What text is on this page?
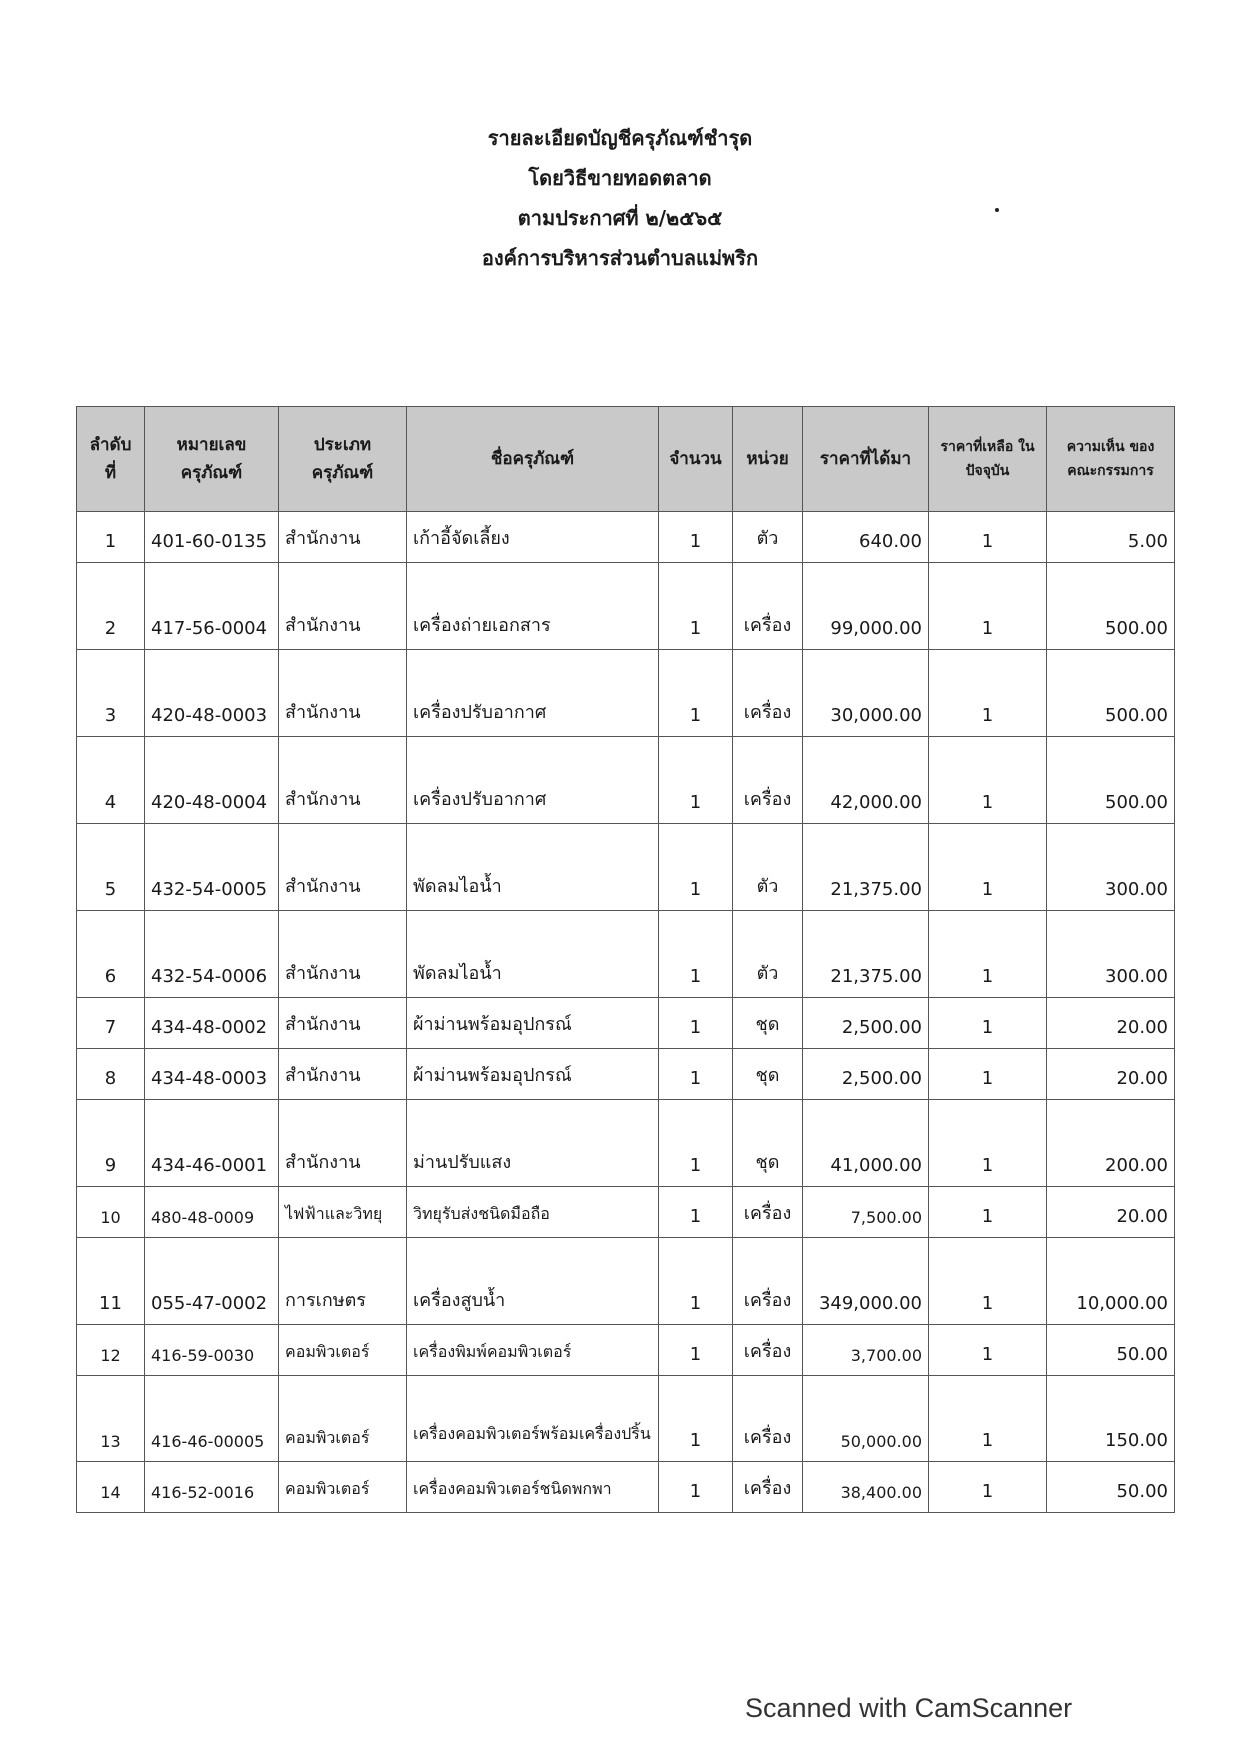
รายละเอียดบัญชีครุภัณฑ์ชำรุด
โดยวิธีขายทอดตลาด
ตามประกาศที่ ๒/๒๕๖๕
องค์การบริหารส่วนตำบลแม่พริก
ลำดับ ที่	หมายเลข ครุภัณฑ์	ประเภท ครุภัณฑ์	ชื่อครุภัณฑ์	จำนวน	หน่วย	ราคาที่ได้มา	ราคาที่เหลือ ในปัจจุบัน	ความเห็น ของ คณะกรรมการ
1	401-60-0135	สำนักงาน	เก้าอี้จัดเลี้ยง	1	ตัว	640.00	1	5.00
2	417-56-0004	สำนักงาน	เครื่องถ่ายเอกสาร	1	เครื่อง	99,000.00	1	500.00
3	420-48-0003	สำนักงาน	เครื่องปรับอากาศ	1	เครื่อง	30,000.00	1	500.00
4	420-48-0004	สำนักงาน	เครื่องปรับอากาศ	1	เครื่อง	42,000.00	1	500.00
5	432-54-0005	สำนักงาน	พัดลมไอน้ำ	1	ตัว	21,375.00	1	300.00
6	432-54-0006	สำนักงาน	พัดลมไอน้ำ	1	ตัว	21,375.00	1	300.00
7	434-48-0002	สำนักงาน	ผ้าม่านพร้อมอุปกรณ์	1	ชุด	2,500.00	1	20.00
8	434-48-0003	สำนักงาน	ผ้าม่านพร้อมอุปกรณ์	1	ชุด	2,500.00	1	20.00
9	434-46-0001	สำนักงาน	ม่านปรับแสง	1	ชุด	41,000.00	1	200.00
10	480-48-0009	ไฟฟ้าและวิทยุ	วิทยุรับส่งชนิดมือถือ	1	เครื่อง	7,500.00	1	20.00
11	055-47-0002	การเกษตร	เครื่องสูบน้ำ	1	เครื่อง	349,000.00	1	10,000.00
12	416-59-0030	คอมพิวเตอร์	เครื่องพิมพ์คอมพิวเตอร์	1	เครื่อง	3,700.00	1	50.00
13	416-46-00005	คอมพิวเตอร์	เครื่องคอมพิวเตอร์พร้อมเครื่องปริ้น	1	เครื่อง	50,000.00	1	150.00
14	416-52-0016	คอมพิวเตอร์	เครื่องคอมพิวเตอร์ชนิดพกพา	1	เครื่อง	38,400.00	1	50.00
Scanned with CamScanner
